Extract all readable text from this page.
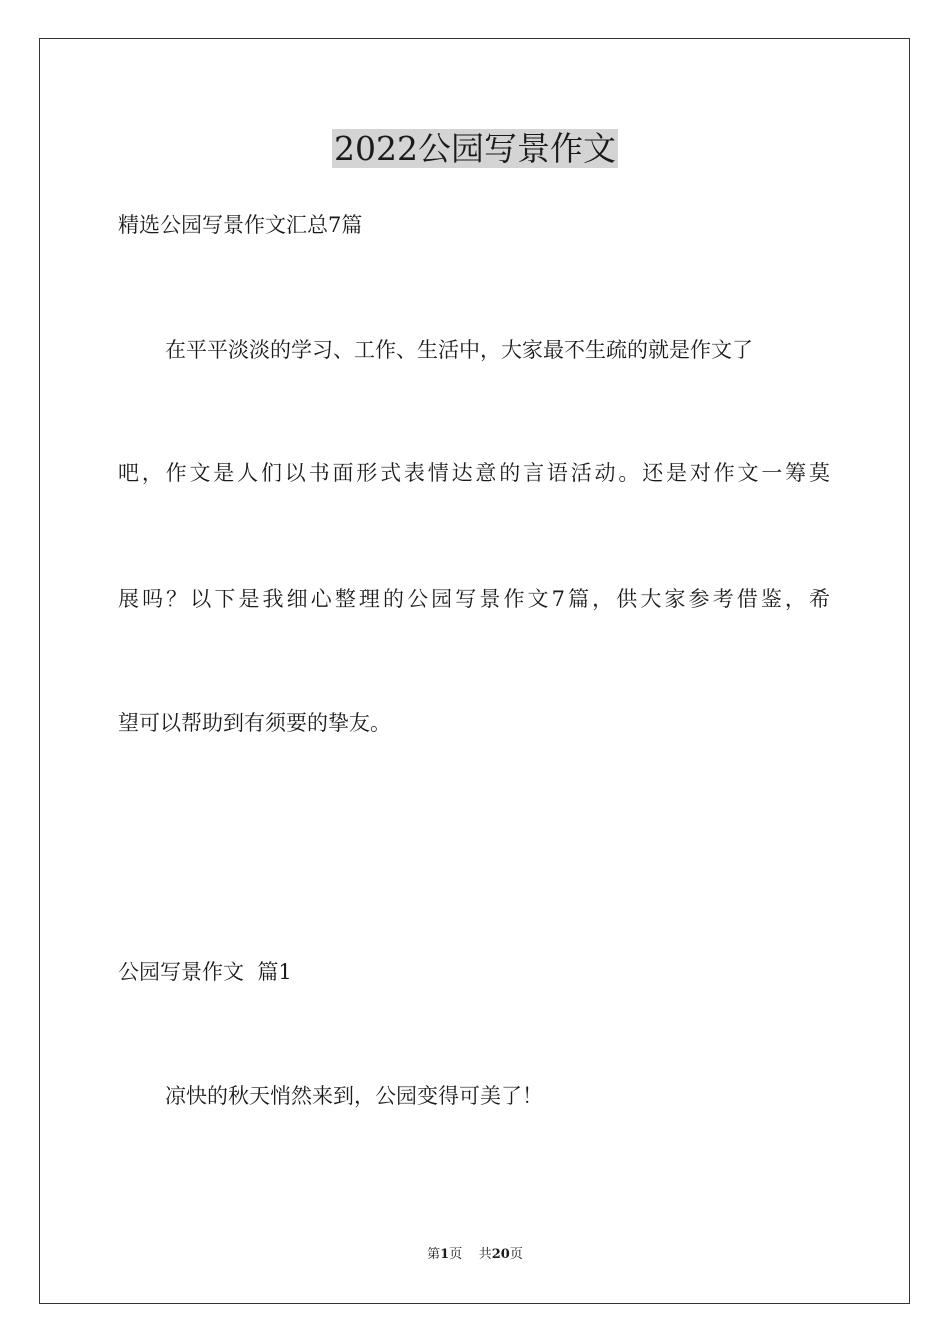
2022公园写景作文
精选公园写景作文汇总7篇
在平平淡淡的学习、工作、生活中，大家最不生疏的就是作文了
吧，作文是人们以书面形式表情达意的言语活动。还是对作文一筹莫
展吗？以下是我细心整理的公园写景作文7篇，供大家参考借鉴，希
望可以帮助到有须要的挚友。
公园写景作文  篇1
凉快的秋天悄然来到，公园变得可美了！
第1页 共20页
